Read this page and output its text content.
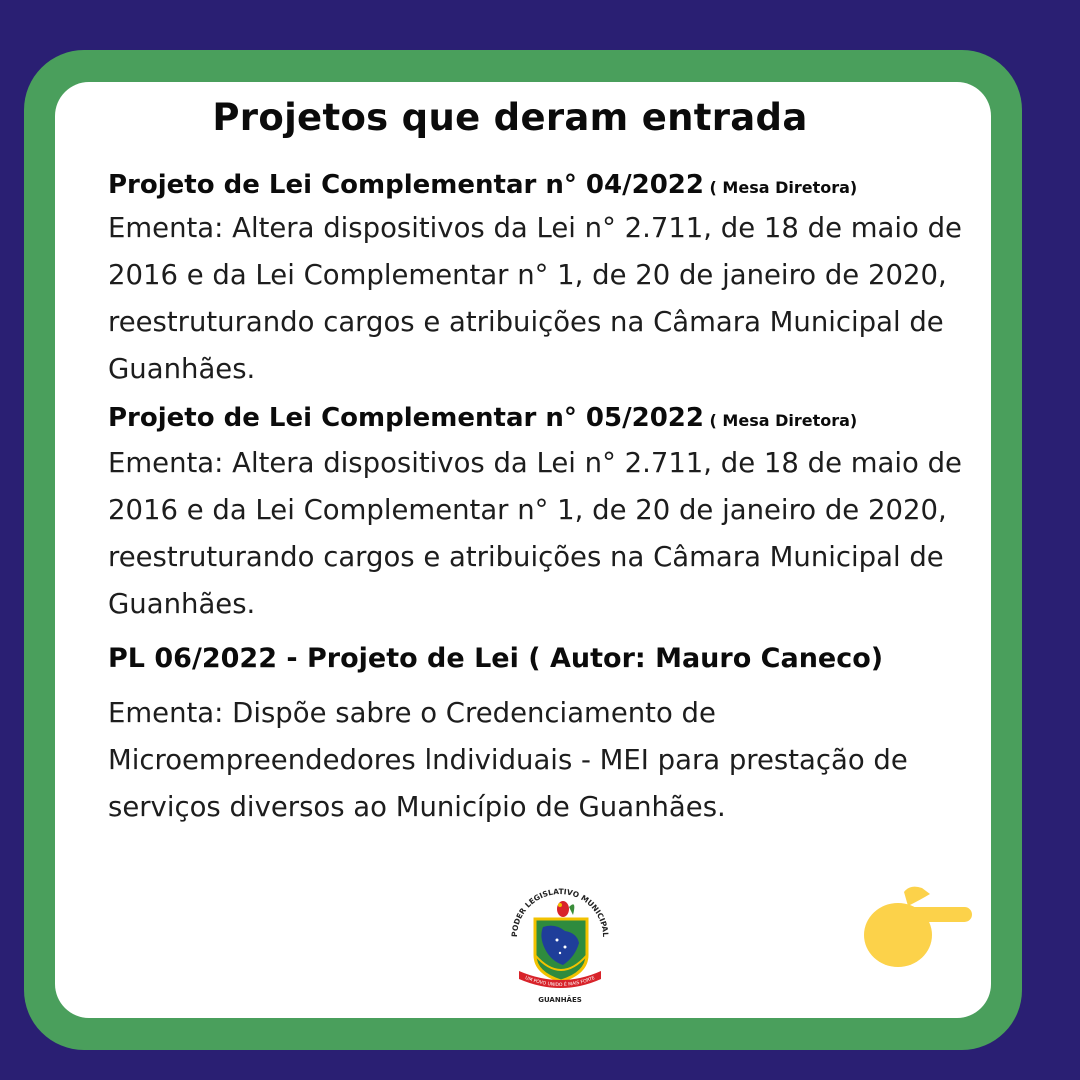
Projetos que deram entrada
Projeto de Lei Complementar n° 04/2022 ( Mesa Diretora)
Ementa: Altera dispositivos da Lei n° 2.711, de 18 de maio de 2016 e da Lei Complementar n° 1, de 20 de janeiro de 2020, reestruturando cargos e atribuições na Câmara Municipal de Guanhães.
Projeto de Lei Complementar n° 05/2022 ( Mesa Diretora)
Ementa: Altera dispositivos da Lei n° 2.711, de 18 de maio de 2016 e da Lei Complementar n° 1, de 20 de janeiro de 2020, reestruturando cargos e atribuições na Câmara Municipal de Guanhães.
PL 06/2022 - Projeto de Lei ( Autor: Mauro Caneco)
Ementa: Dispõe sabre o Credenciamento de Microempreendedores lndividuais - MEI para prestação de serviços diversos ao Município de Guanhães.
PODER LEGISLATIVO MUNICIPAL
UM POVO UNIDO É MAIS FORTE
GUANHÃES
